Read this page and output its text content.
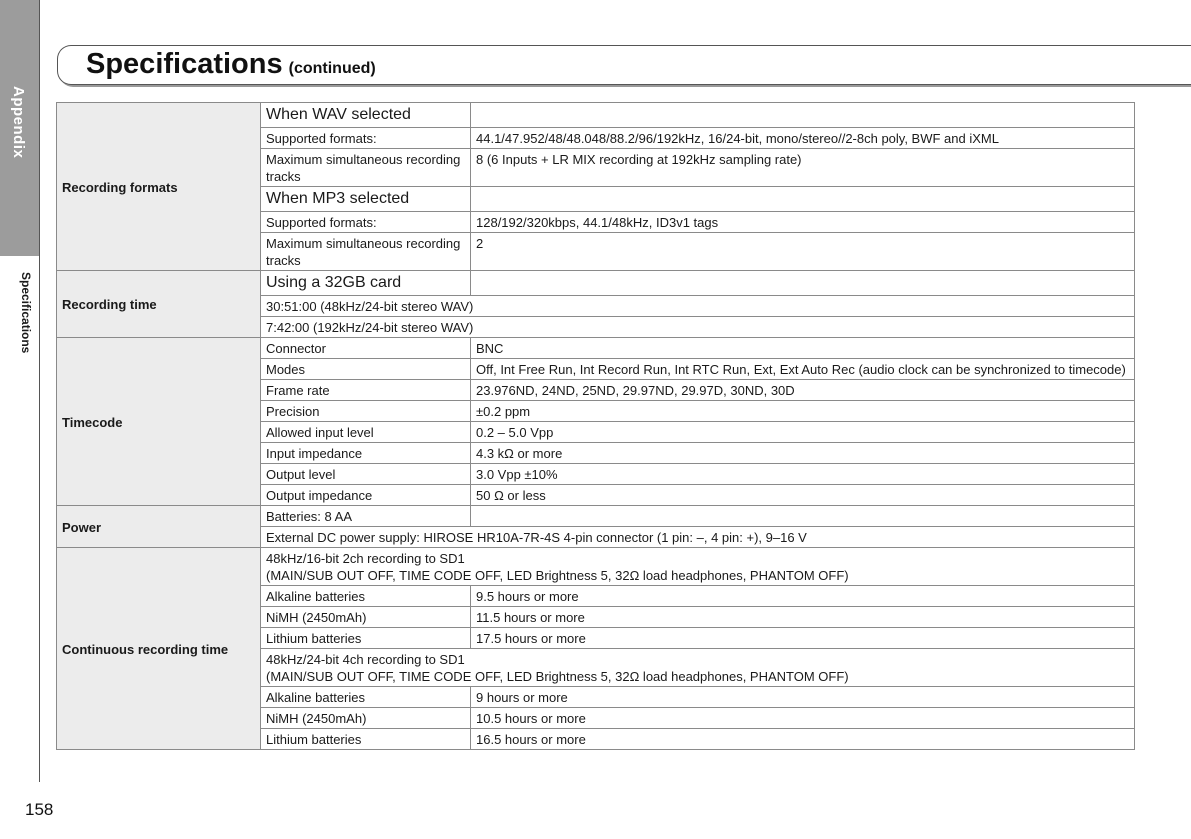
Appendix
Specifications
Specifications (continued)
Recording formats	When WAV selected	
	Supported formats:	44.1/47.952/48/48.048/88.2/96/192kHz, 16/24-bit, mono/stereo//2-8ch poly, BWF and iXML
	Maximum simultaneous recording tracks	8 (6 Inputs + LR MIX recording at 192kHz sampling rate)
	When MP3 selected	
	Supported formats:	128/192/320kbps, 44.1/48kHz, ID3v1 tags
	Maximum simultaneous recording tracks	2
Recording time	Using a 32GB card	
	30:51:00 (48kHz/24-bit stereo WAV)	
	7:42:00 (192kHz/24-bit stereo WAV)	
Timecode	Connector	BNC
	Modes	Off, Int Free Run, Int Record Run, Int RTC Run, Ext, Ext Auto Rec (audio clock can be synchronized to timecode)
	Frame rate	23.976ND, 24ND, 25ND, 29.97ND, 29.97D, 30ND, 30D
	Precision	±0.2 ppm
	Allowed input level	0.2 – 5.0 Vpp
	Input impedance	4.3 kΩ or more
	Output level	3.0 Vpp ±10%
	Output impedance	50 Ω or less
Power	Batteries: 8 AA	
	External DC power supply: HIROSE HR10A-7R-4S 4-pin connector (1 pin: –, 4 pin: +), 9–16 V	
Continuous recording time	48kHz/16-bit 2ch recording to SD1
(MAIN/SUB OUT OFF, TIME CODE OFF, LED Brightness 5, 32Ω load headphones, PHANTOM OFF)	
	Alkaline batteries	9.5 hours or more
	NiMH (2450mAh)	11.5 hours or more
	Lithium batteries	17.5 hours or more
	48kHz/24-bit 4ch recording to SD1
(MAIN/SUB OUT OFF, TIME CODE OFF, LED Brightness 5, 32Ω load headphones, PHANTOM OFF)	
	Alkaline batteries	9 hours or more
	NiMH (2450mAh)	10.5 hours or more
	Lithium batteries	16.5 hours or more
158
